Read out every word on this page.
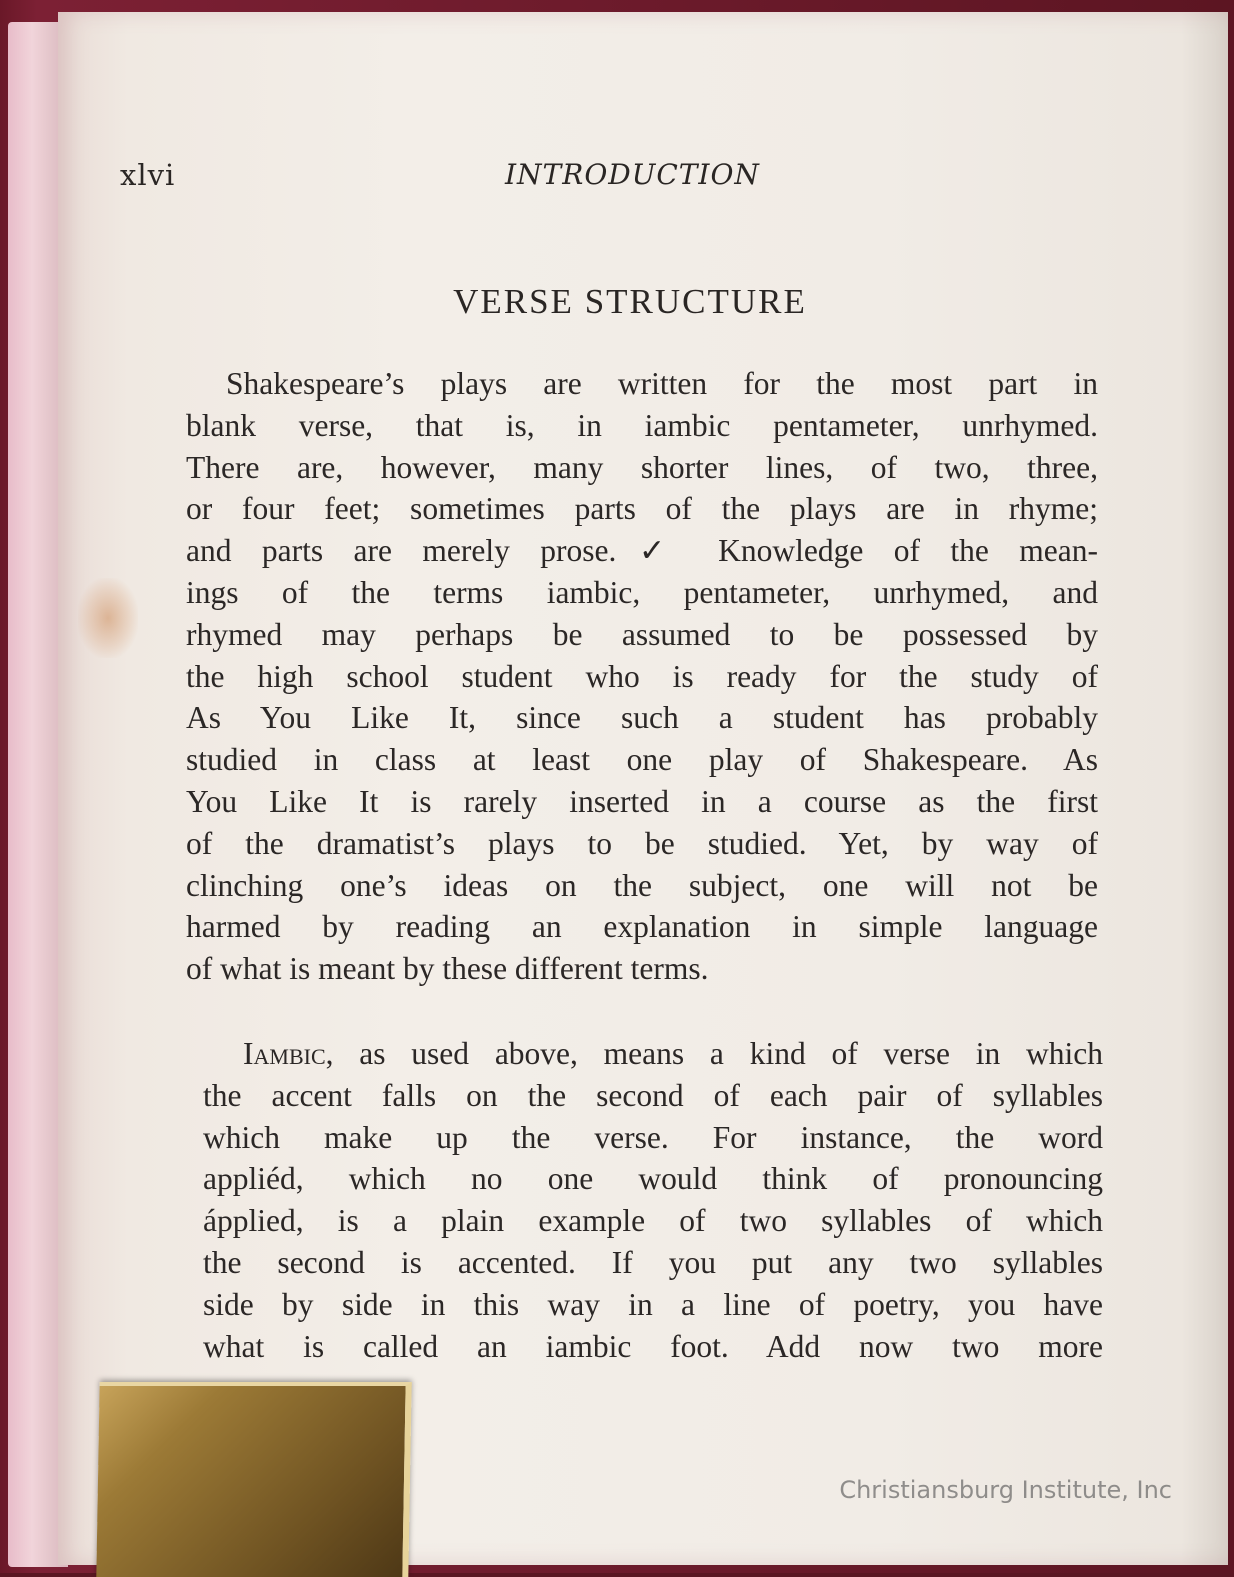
xlvi	INTRODUCTION
VERSE STRUCTURE
Shakespeare’s plays are written for the most part in
blank verse, that is, in iambic pentameter, unrhymed.
There are, however, many shorter lines, of two, three,
or four feet; sometimes parts of the plays are in rhyme;
and parts are merely prose.✓ Knowledge of the mean-
ings of the terms iambic, pentameter, unrhymed, and
rhymed may perhaps be assumed to be possessed by
the high school student who is ready for the study of
As You Like It, since such a student has probably
studied in class at least one play of Shakespeare. As
You Like It is rarely inserted in a course as the first
of the dramatist’s plays to be studied. Yet, by way of
clinching one’s ideas on the subject, one will not be
harmed by reading an explanation in simple language
of what is meant by these different terms.
Iambic, as used above, means a kind of verse in which
the accent falls on the second of each pair of syllables
which make up the verse. For instance, the word
appliéd, which no one would think of pronouncing
ápplied, is a plain example of two syllables of which
the second is accented. If you put any two syllables
side by side in this way in a line of poetry, you have
what is called an iambic foot. Add now two more
Christiansburg Institute, Inc
